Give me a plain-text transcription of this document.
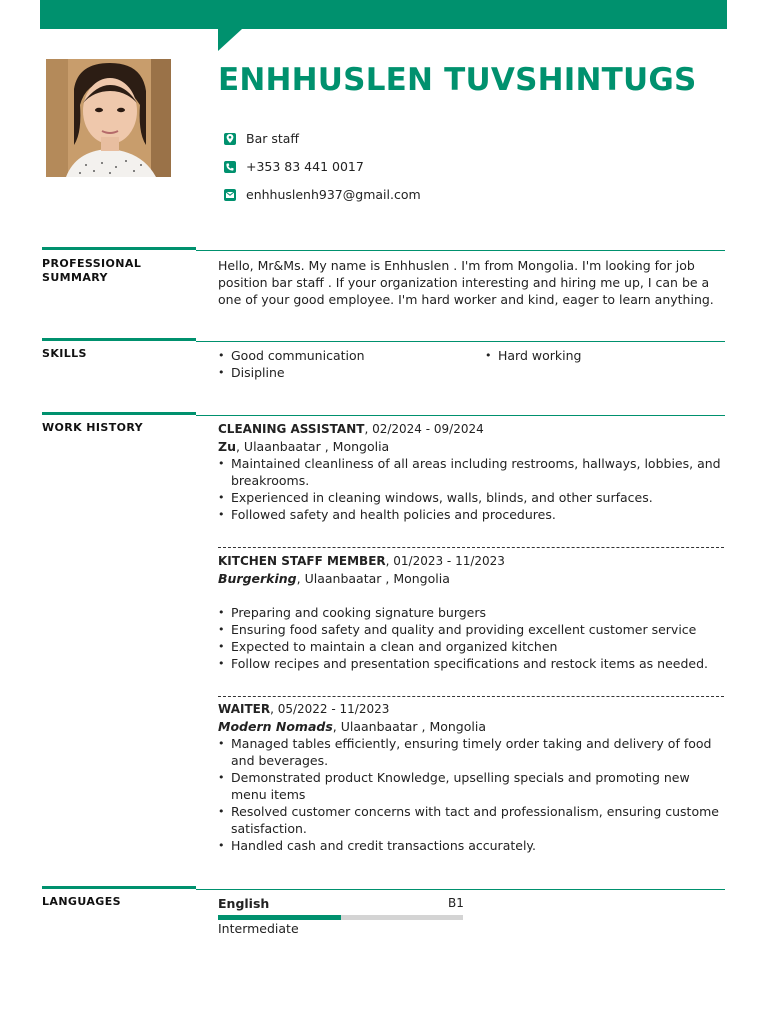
ENHHUSLEN TUVSHINTUGS
Bar staff
+353 83 441 0017
enhhuslenh937@gmail.com
PROFESSIONAL SUMMARY
Hello, Mr&Ms. My name is Enhhuslen . I'm from Mongolia. I'm looking for job position bar staff . If your organization interesting and hiring me up, I can be a one of your good employee. I'm hard worker and kind, eager to learn anything.
SKILLS
•	Good communication
• Disipline
• Hard working
WORK HISTORY	CLEANING ASSISTANT, 02/2024 - 09/2024
Zu, Ulaanbaatar , Mongolia
• Maintained cleanliness of all areas including restrooms, hallways, lobbies, and breakrooms.
• Experienced in cleaning windows, walls, blinds, and other surfaces.
• Followed safety and health policies and procedures.
KITCHEN STAFF MEMBER, 01/2023 - 11/2023
Burgerking, Ulaanbaatar , Mongolia
• Preparing and cooking signature burgers
• Ensuring food safety and quality and providing excellent customer service
• Expected to maintain a clean and organized kitchen
• Follow recipes and presentation specifications and restock items as needed.
WAITER, 05/2022 - 11/2023
Modern Nomads, Ulaanbaatar , Mongolia
• Managed tables efficiently, ensuring timely order taking and delivery of food and beverages.
• Demonstrated product Knowledge, upselling specials and promoting new menu items
• Resolved customer concerns with tact and professionalism, ensuring custome satisfaction.
• Handled cash and credit transactions accurately.
LANGUAGES	English	B1
Intermediate
